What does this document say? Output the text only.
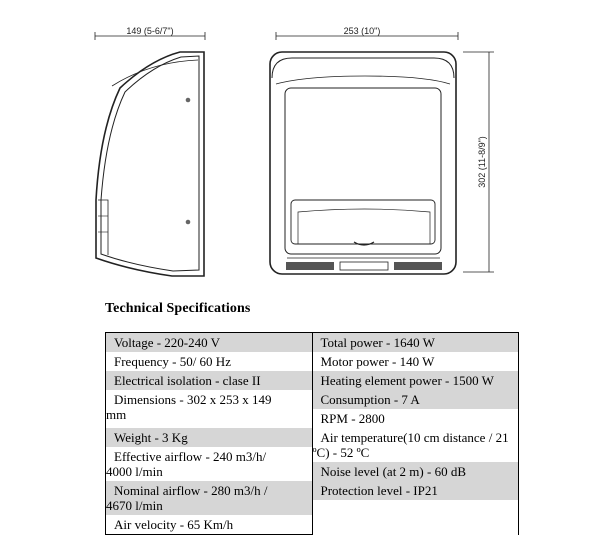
149 (5-6/7")	253 (10")
302 (11-8/9")
Technical Specifications
Voltage - 220-240 V	Total power - 1640 W

Frequency - 50/ 60 Hz	Motor power - 140 W

Electrical isolation - clase II	Heating element power - 1500 W

Dimensions - 302 x 253 x 149
mm	Consumption - 7 A

	RPM - 2800

Weight - 3 Kg	Air temperature(10 cm distance / 21
ºC) - 52 ºC

Effective airflow - 240 m3/h/
4000 l/min	

	Noise level (at 2 m) - 60 dB

Nominal airflow - 280 m3/h /
4670 l/min	Protection level - IP21

Air velocity - 65 Km/h	
